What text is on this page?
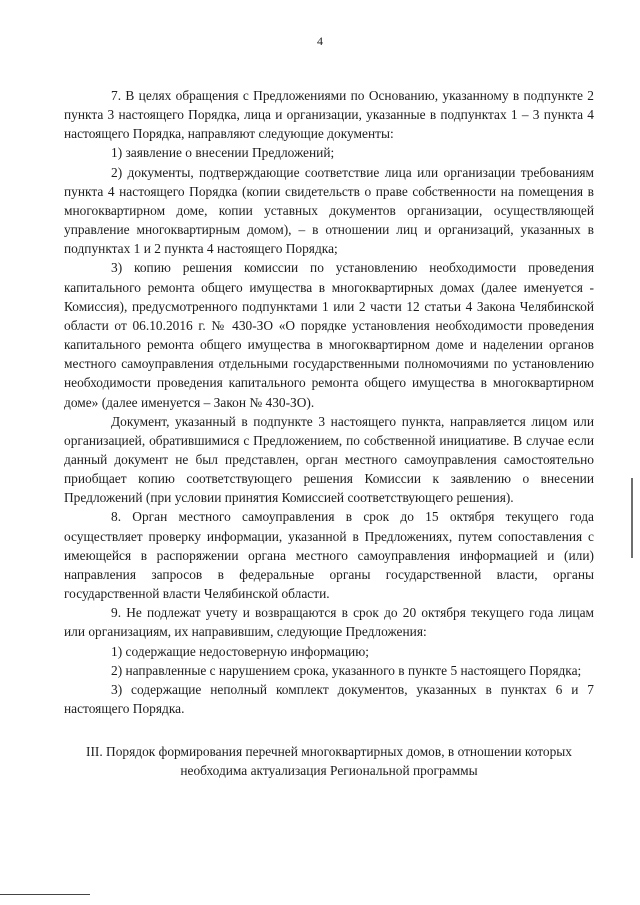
4

7. В целях обращения с Предложениями по Основанию, указанному в подпункте 2 пункта 3 настоящего Порядка, лица и организации, указанные в подпунктах 1 – 3 пункта 4 настоящего Порядка, направляют следующие документы:

1) заявление о внесении Предложений;

2) документы, подтверждающие соответствие лица или организации требованиям пункта 4 настоящего Порядка (копии свидетельств о праве собственности на помещения в многоквартирном доме, копии уставных документов организации, осуществляющей управление многоквартирным домом), – в отношении лиц и организаций, указанных в подпунктах 1 и 2 пункта 4 настоящего Порядка;

3) копию решения комиссии по установлению необходимости проведения капитального ремонта общего имущества в многоквартирных домах (далее именуется - Комиссия), предусмотренного подпунктами 1 или 2 части 12 статьи 4 Закона Челябинской области от 06.10.2016 г. № 430-ЗО «О порядке установления необходимости проведения капитального ремонта общего имущества в многоквартирном доме и наделении органов местного самоуправления отдельными государственными полномочиями по установлению необходимости проведения капитального ремонта общего имущества в многоквартирном доме» (далее именуется – Закон № 430-ЗО).

Документ, указанный в подпункте 3 настоящего пункта, направляется лицом или организацией, обратившимися с Предложением, по собственной инициативе. В случае если данный документ не был представлен, орган местного самоуправления самостоятельно приобщает копию соответствующего решения Комиссии к заявлению о внесении Предложений (при условии принятия Комиссией соответствующего решения).

8. Орган местного самоуправления в срок до 15 октября текущего года осуществляет проверку информации, указанной в Предложениях, путем сопоставления с имеющейся в распоряжении органа местного самоуправления информацией и (или) направления запросов в федеральные органы государственной власти, органы государственной власти Челябинской области.

9. Не подлежат учету и возвращаются в срок до 20 октября текущего года лицам или организациям, их направившим, следующие Предложения:

1) содержащие недостоверную информацию;

2) направленные с нарушением срока, указанного в пункте 5 настоящего Порядка;

3) содержащие неполный комплект документов, указанных в пунктах 6 и 7 настоящего Порядка.

III. Порядок формирования перечней многоквартирных домов, в отношении которых необходима актуализация Региональной программы
